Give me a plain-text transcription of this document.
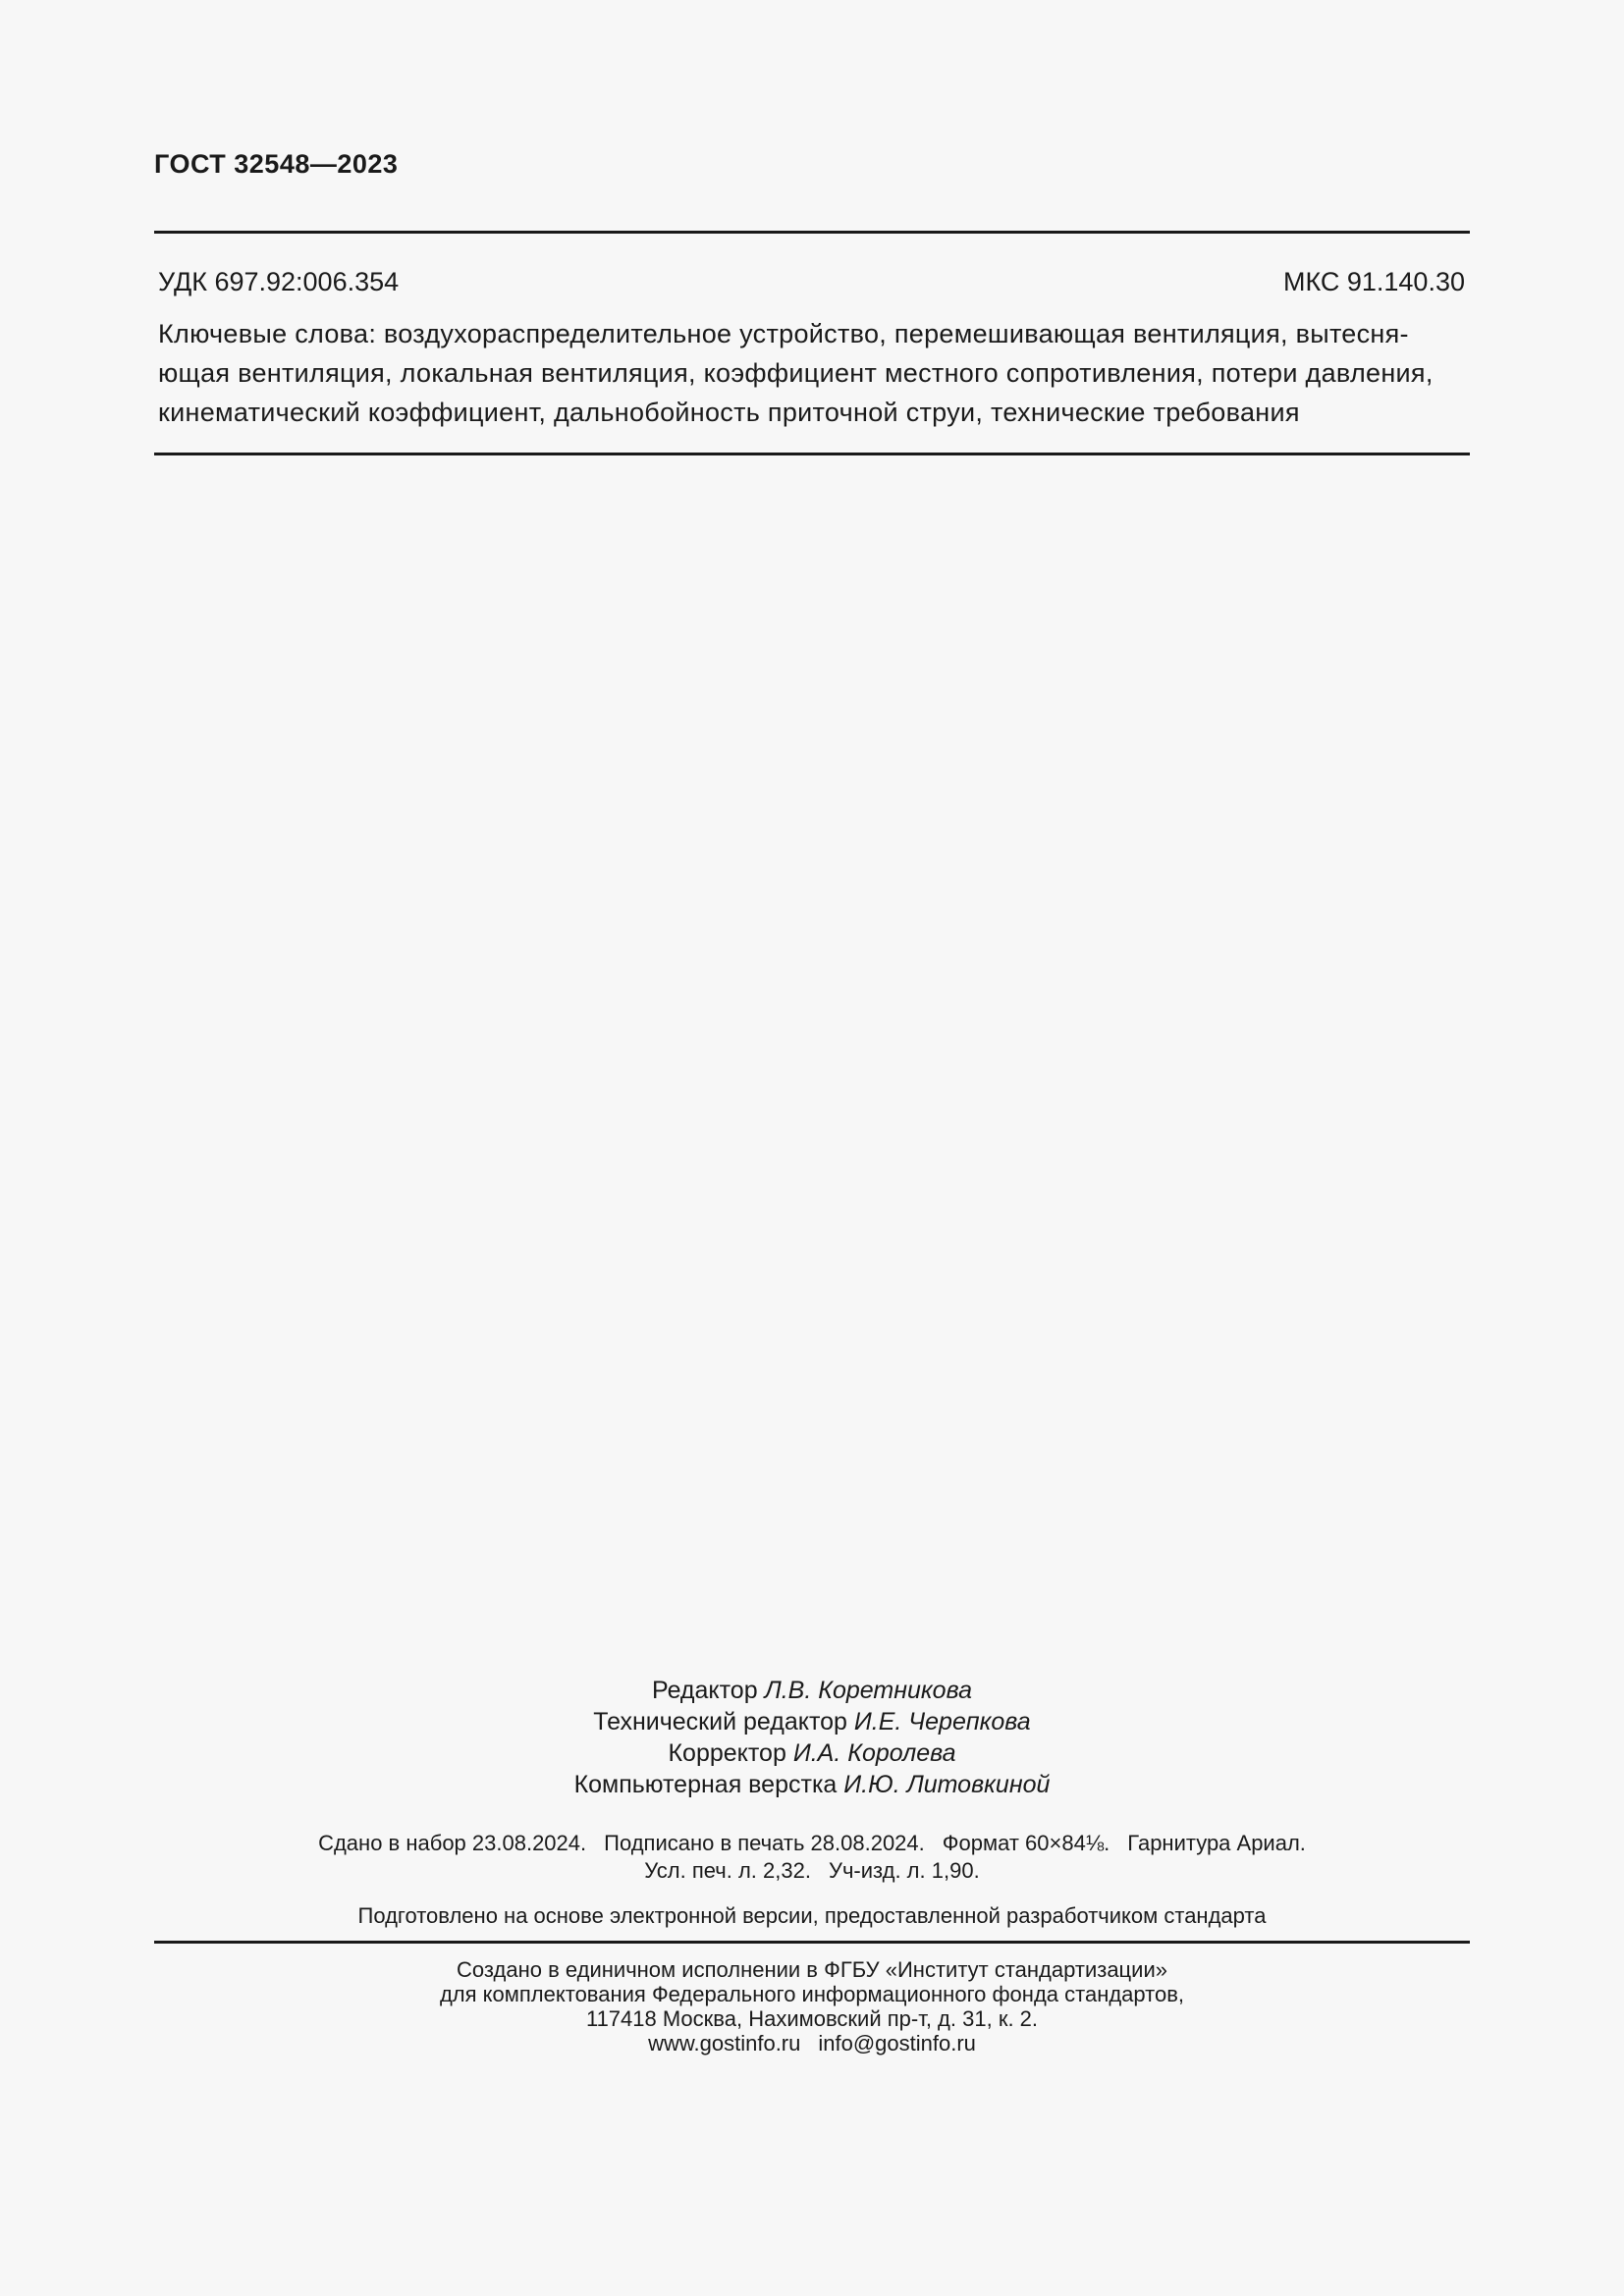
ГОСТ 32548—2023
УДК 697.92:006.354	МКС 91.140.30
Ключевые слова: воздухораспределительное устройство, перемешивающая вентиляция, вытесня-
ющая вентиляция, локальная вентиляция, коэффициент местного сопротивления, потери давления,
кинематический коэффициент, дальнобойность приточной струи, технические требования
Редактор Л.В. Коретникова
Технический редактор И.Е. Черепкова
Корректор И.А. Королева
Компьютерная верстка И.Ю. Литовкиной
Сдано в набор 23.08.2024. Подписано в печать 28.08.2024. Формат 60×84⅛. Гарнитура Ариал.
Усл. печ. л. 2,32. Уч-изд. л. 1,90.
Подготовлено на основе электронной версии, предоставленной разработчиком стандарта
Создано в единичном исполнении в ФГБУ «Институт стандартизации»
для комплектования Федерального информационного фонда стандартов,
117418 Москва, Нахимовский пр-т, д. 31, к. 2.
www.gostinfo.ru info@gostinfo.ru
